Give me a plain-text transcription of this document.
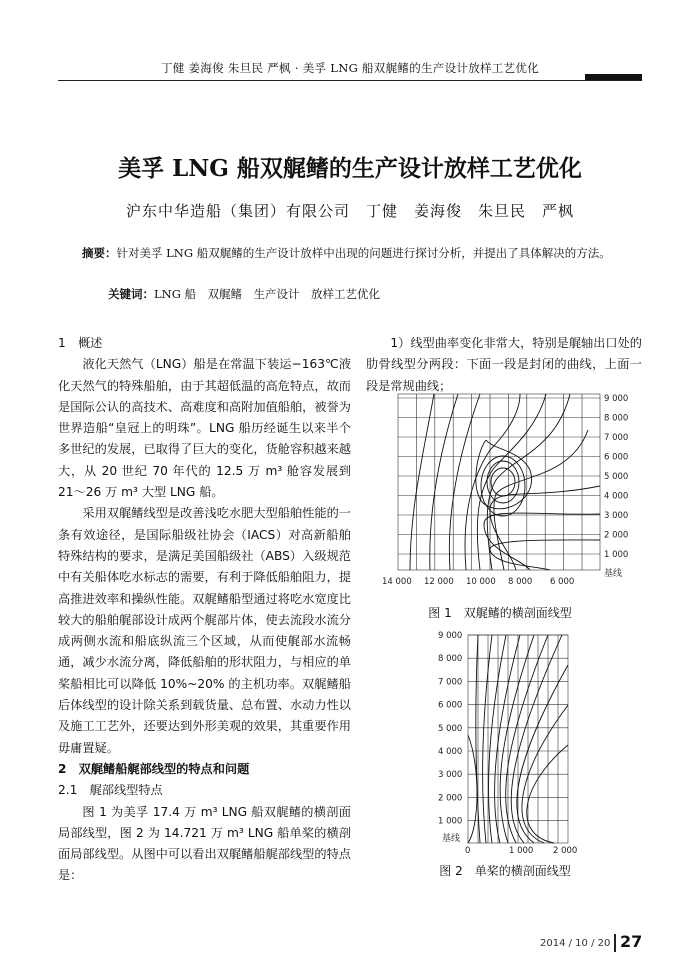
丁健 姜海俊 朱旦民 严枫 · 美孚 LNG 船双艉鳍的生产设计放样工艺优化
美孚 LNG 船双艉鳍的生产设计放样工艺优化
沪东中华造船（集团）有限公司　丁健　姜海俊　朱旦民　严枫
摘要：针对美孚 LNG 船双艉鳍的生产设计放样中出现的问题进行探讨分析，并提出了具体解决的方法。
关键词：LNG 船　双艉鳍　生产设计　放样工艺优化

1　概述

液化天然气（LNG）船是在常温下装运−163℃液化天然气的特殊船舶，由于其超低温的高危特点，故而是国际公认的高技术、高难度和高附加值船舶，被誉为世界造船“皇冠上的明珠”。LNG 船历经诞生以来半个多世纪的发展，已取得了巨大的变化，货舱容积越来越大，从 20 世纪 70 年代的 12.5 万 m³ 舱容发展到 21～26 万 m³ 大型 LNG 船。

采用双艉鳍线型是改善浅吃水肥大型船舶性能的一条有效途径，是国际船级社协会（IACS）对高新船舶特殊结构的要求，是满足美国船级社（ABS）入级规范中有关船体吃水标志的需要，有利于降低船舶阻力，提高推进效率和操纵性能。双艉鳍船型通过将吃水宽度比较大的船舶艉部设计成两个艉部片体，使去流段水流分成两侧水流和船底纵流三个区域，从而使艉部水流畅通，减少水流分离，降低船舶的形状阻力，与相应的单桨船相比可以降低 10%~20% 的主机功率。双艉鳍船后体线型的设计除关系到载货量、总布置、水动力性以及施工工艺外，还要达到外形美观的效果，其重要作用毋庸置疑。

2　双艉鳍船艉部线型的特点和问题

2.1　艉部线型特点

图 1 为美孚 17.4 万 m³ LNG 船双艉鳍的横剖面局部线型，图 2 为 14.721 万 m³ LNG 船单桨的横剖面局部线型。从图中可以看出双艉鳍船艉部线型的特点是：

1）线型曲率变化非常大，特别是艉轴出口处的肋骨线型分两段：下面一段是封闭的曲线，上面一段是常规曲线；

9 000
8 000
7 000
6 000
5 000
4 000
3 000
2 000
1 000
14 000 12 000 10 000 8 000 6 000
基线
图 1　双艉鳍的横剖面线型
9 000
8 000
7 000
6 000
5 000
4 000
3 000
2 000
1 000
0	1 000 2 000
基线
图 2　单桨的横剖面线型
2014 / 10 / 20 27
